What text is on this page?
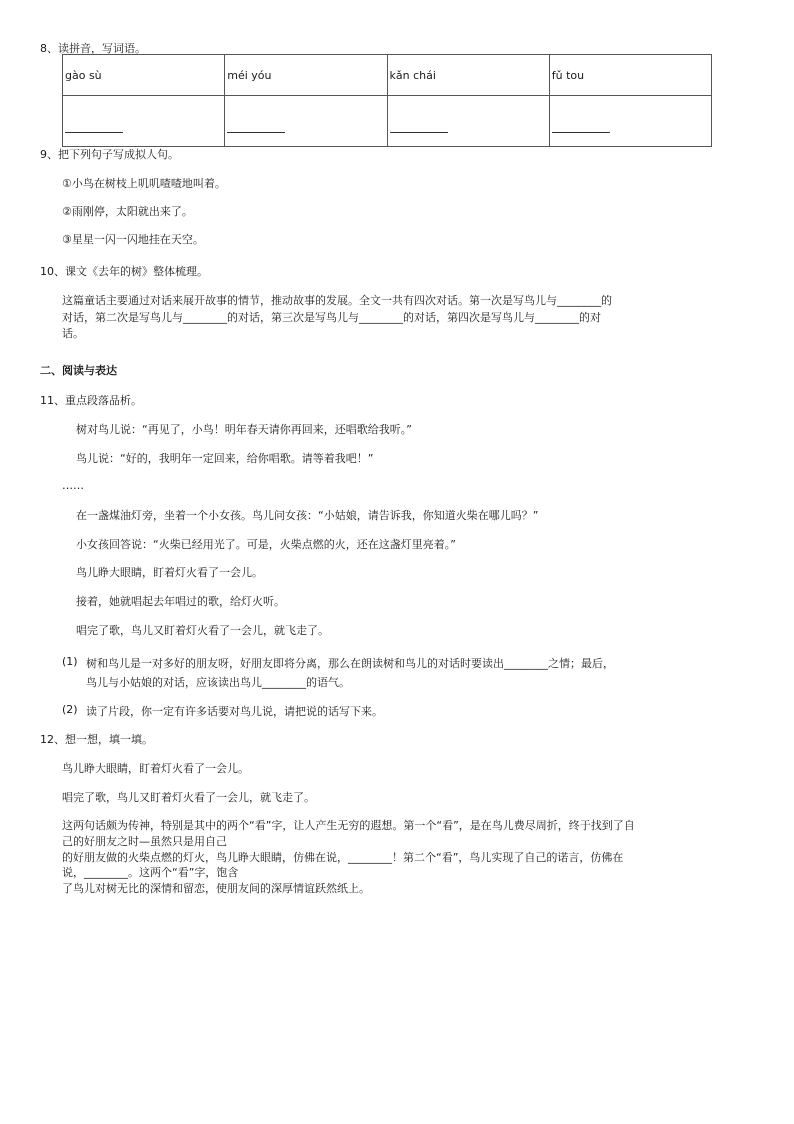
8、读拼音，写词语。
gào sù	méi yóu	kǎn chái	fǔ tou

9、把下列句子写成拟人句。
①小鸟在树枝上叽叽喳喳地叫着。
②雨刚停，太阳就出来了。
③星星一闪一闪地挂在天空。
10、课文《去年的树》整体梳理。
这篇童话主要通过对话来展开故事的情节，推动故事的发展。全文一共有四次对话。第一次是写鸟儿与________的
对话，第二次是写鸟儿与________的对话，第三次是写鸟儿与________的对话，第四次是写鸟儿与________的对
话。
二、阅读与表达
11、重点段落品析。
树对鸟儿说：“再见了，小鸟！明年春天请你再回来，还唱歌给我听。”
鸟儿说：“好的，我明年一定回来，给你唱歌。请等着我吧！”
……
在一盏煤油灯旁，坐着一个小女孩。鸟儿问女孩：“小姑娘，请告诉我，你知道火柴在哪儿吗？”
小女孩回答说：“火柴已经用光了。可是，火柴点燃的火，还在这盏灯里亮着。”
鸟儿睁大眼睛，盯着灯火看了一会儿。
接着，她就唱起去年唱过的歌，给灯火听。
唱完了歌，鸟儿又盯着灯火看了一会儿，就飞走了。
(1) 树和鸟儿是一对多好的朋友呀，好朋友即将分离，那么在朗读树和鸟儿的对话时要读出________之情；最后，
鸟儿与小姑娘的对话，应该读出鸟儿________的语气。
(2) 读了片段，你一定有许多话要对鸟儿说，请把说的话写下来。
12、想一想，填一填。
鸟儿睁大眼睛，盯着灯火看了一会儿。
唱完了歌，鸟儿又盯着灯火看了一会儿，就飞走了。
这两句话颇为传神，特别是其中的两个“看”字，让人产生无穷的遐想。第一个“看”，是在鸟儿费尽周折，终于找到了自
己的好朋友之时—虽然只是用自己
的好朋友做的火柴点燃的灯火，鸟儿睁大眼睛，仿佛在说，________！第二个“看”，鸟儿实现了自己的诺言，仿佛在
说，________。这两个“看”字，饱含
了鸟儿对树无比的深情和留恋，使朋友间的深厚情谊跃然纸上。
